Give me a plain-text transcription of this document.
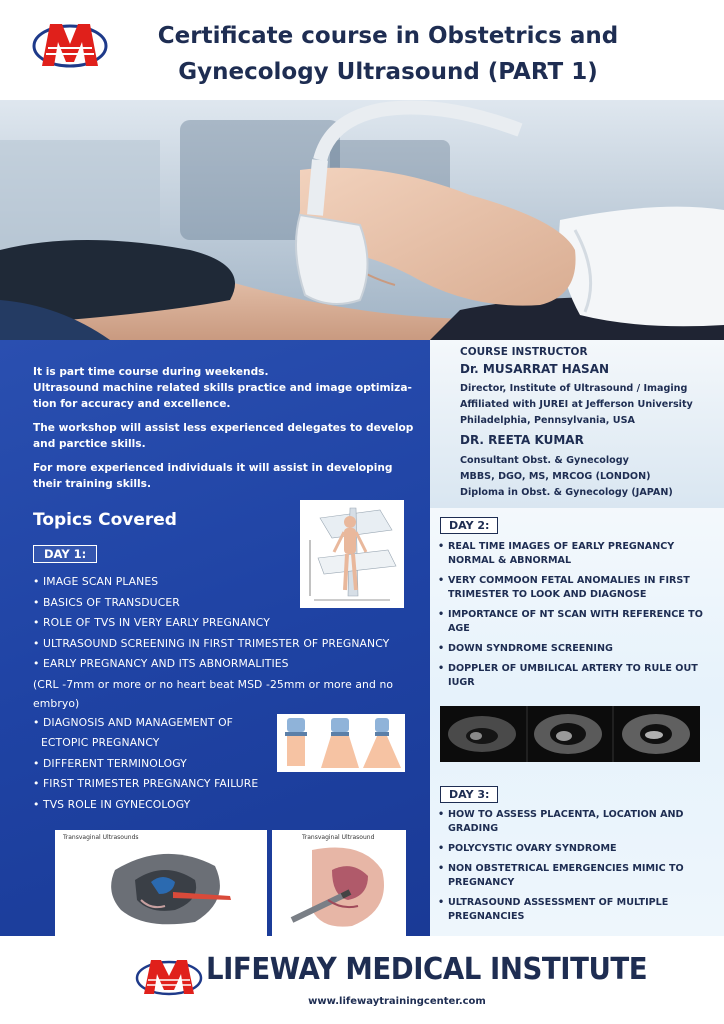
Certificate course in Obstetrics and
Gynecology Ultrasound (PART 1)

It is part time course during weekends.

Ultrasound machine related skills practice and image optimiza-tion for accuracy and excellence.

The workshop will assist less experienced delegates to develop and parctice skills.

For more experienced individuals it will assist in developing their training skills.

Topics Covered
DAY 1:
• IMAGE SCAN PLANES
• BASICS OF TRANSDUCER
• ROLE OF TVS IN VERY EARLY PREGNANCY
• ULTRASOUND SCREENING IN FIRST TRIMESTER OF PREGNANCY
• EARLY PREGNANCY AND ITS ABNORMALITIES
(CRL -7mm or more or no heart beat MSD -25mm or more and no embryo)
• DIAGNOSIS AND MANAGEMENT OF
ECTOPIC PREGNANCY
• DIFFERENT TERMINOLOGY
• FIRST TRIMESTER PREGNANCY FAILURE
• TVS ROLE IN GYNECOLOGY
Transvaginal Ultrasounds	Transvaginal Ultrasound
COURSE INSTRUCTOR
Dr. MUSARRAT HASAN
Director, Institute of Ultrasound / Imaging
Affiliated with JUREI at Jefferson University
Philadelphia, Pennsylvania, USA
DR. REETA KUMAR
Consultant Obst. & Gynecology
MBBS, DGO, MS, MRCOG (LONDON)
Diploma in Obst. & Gynecology (JAPAN)
DAY 2:
• REAL TIME IMAGES OF EARLY PREGNANCY NORMAL & ABNORMAL
• VERY COMMOON FETAL ANOMALIES IN FIRST TRIMESTER TO LOOK AND DIAGNOSE
• IMPORTANCE OF NT SCAN WITH REFERENCE TO AGE
• DOWN SYNDROME SCREENING
• DOPPLER OF UMBILICAL ARTERY TO RULE OUT IUGR
DAY 3:
• HOW TO ASSESS PLACENTA, LOCATION AND GRADING
• POLYCYSTIC OVARY SYNDROME
• NON OBSTETRICAL EMERGENCIES MIMIC TO PREGNANCY
• ULTRASOUND ASSESSMENT OF MULTIPLE PREGNANCIES
LIFEWAY MEDICAL INSTITUTE
www.lifewaytrainingcenter.com
